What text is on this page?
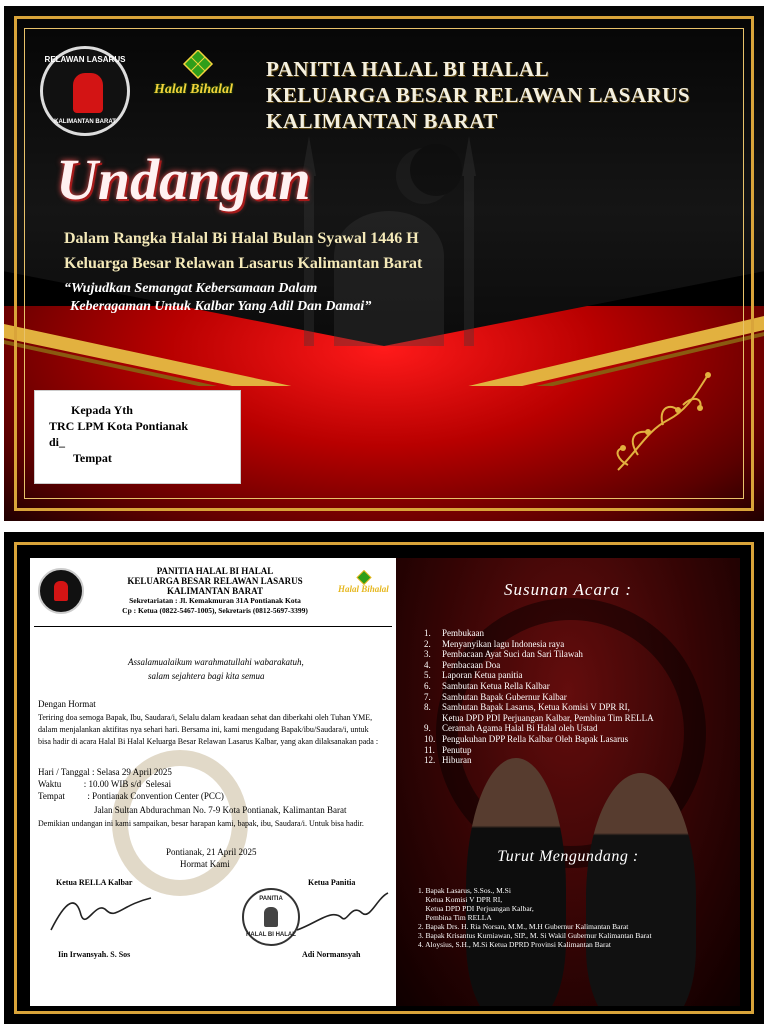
RELAWAN LASARUS
KALIMANTAN BARAT
Halal Bihalal
PANITIA HALAL BI HALAL
KELUARGA BESAR RELAWAN LASARUS
KALIMANTAN BARAT
Undangan
Dalam Rangka Halal Bi Halal Bulan Syawal 1446 H
Keluarga Besar Relawan Lasarus Kalimantan Barat
“Wujudkan Semangat Kebersamaan Dalam
Keberagaman Untuk Kalbar Yang Adil Dan Damai”
Kepada Yth
TRC LPM Kota Pontianak
di_
Tempat
PANITIA HALAL BI HALAL
KELUARGA BESAR RELAWAN LASARUS
KALIMANTAN BARAT
Sekretariatan : Jl. Kemakmuran 31A Pontianak Kota
Cp : Ketua (0822-5467-1005), Sekretaris (0812-5697-3399)
Halal Bihalal
Assalamualaikum warahmatullahi wabarakatuh,
salam sejahtera bagi kita semua
Dengan Hormat
Teriring doa semoga Bapak, Ibu, Saudara/i, Selalu dalam keadaan sehat dan diberkahi oleh Tuhan YME,
dalam menjalankan aktifitas nya sehari hari. Bersama ini, kami mengudang Bapak/ibu/Saudara/i, untuk
bisa hadir di acara Halal Bi Halal Keluarga Besar Relawan Lasarus Kalbar, yang akan dilaksanakan pada :
Hari / Tanggal : Selasa 29 April 2025
Waktu          : 10.00 WIB s/d  Selesai
Tempat          : Pontianak Convention Center (PCC)
Jalan Sultan Abdurachman No. 7-9 Kota Pontianak, Kalimantan Barat
Demikian undangan ini kami sampaikan, besar harapan kami, bapak, ibu, Saudara/i. Untuk bisa hadir.
Pontianak, 21 April 2025
Hormat Kami
Ketua RELLA Kalbar
Iin Irwansyah. S. Sos
PANITIA
HALAL BI HALAL
Ketua Panitia
Adi Normansyah
Susunan Acara :
1. Pembukaan
2. Menyanyikan lagu Indonesia raya
3. Pembacaan Ayat Suci dan Sari Tilawah
4. Pembacaan Doa
5. Laporan Ketua panitia
6. Sambutan Ketua Rella Kalbar
7. Sambutan Bapak Gubernur Kalbar
8. Sambutan Bapak Lasarus, Ketua Komisi V DPR RI,
Ketua DPD PDI Perjuangan Kalbar, Pembina Tim RELLA
9. Ceramah Agama Halal Bi Halal oleh Ustad
10. Pengukuhan DPP Rella Kalbar Oleh Bapak Lasarus
11. Penutup
12. Hiburan
Turut Mengundang :
1. Bapak Lasarus, S.Sos., M.Si
Ketua Komisi V DPR RI,
Ketua DPD PDI Perjuangan Kalbar,
Pembina Tim RELLA
2. Bapak Drs. H. Ria Norsan, M.M., M.H Gubernur Kalimantan Barat
3. Bapak Krisantus Kurniawan, SIP., M. Si Wakil Gubernur Kalimantan Barat
4. Aloysius, S.H., M.Si Ketua DPRD Provinsi Kalimantan Barat
